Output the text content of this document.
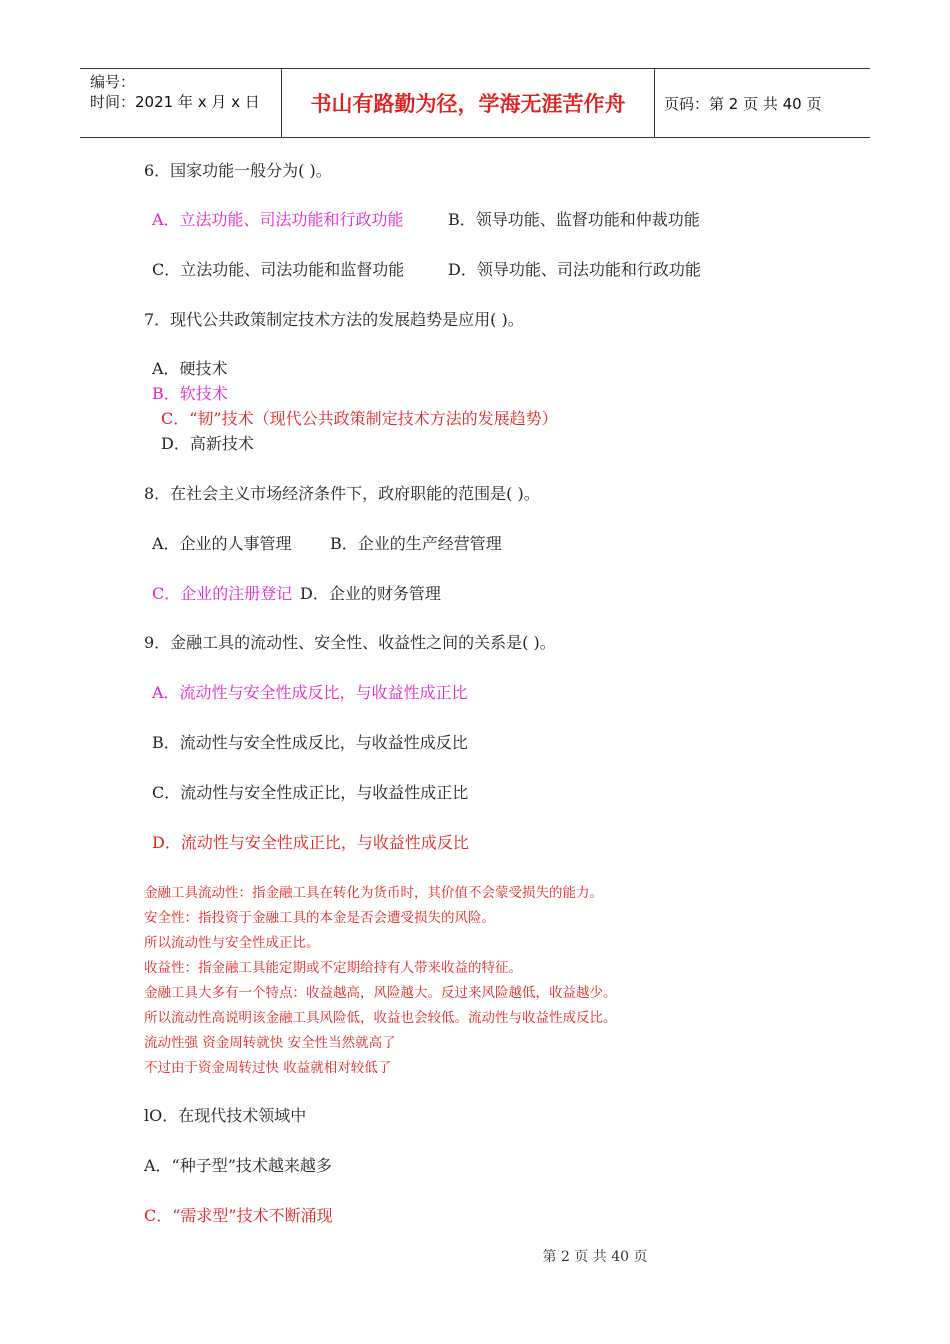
编号：
时间：2021 年 x 月 x 日 书山有路勤为径，学海无涯苦作舟	页码：第 2 页 共 40 页
6．国家功能一般分为( )。
A．立法功能、司法功能和行政功能	B．领导功能、监督功能和仲裁功能
C．立法功能、司法功能和监督功能	D．领导功能、司法功能和行政功能
7．现代公共政策制定技术方法的发展趋势是应用( )。
A．硬技术
B．软技术
C．“韧”技术（现代公共政策制定技术方法的发展趋势）
D．高新技术
8．在社会主义市场经济条件下，政府职能的范围是( )。
A．企业的人事管理 B．企业的生产经营管理
C．企业的注册登记 D．企业的财务管理
9．金融工具的流动性、安全性、收益性之间的关系是( )。
A．流动性与安全性成反比，与收益性成正比
B．流动性与安全性成反比，与收益性成反比
C．流动性与安全性成正比，与收益性成正比
D．流动性与安全性成正比，与收益性成反比
金融工具流动性：指金融工具在转化为货币时，其价值不会蒙受损失的能力。
安全性：指投资于金融工具的本金是否会遭受损失的风险。
所以流动性与安全性成正比。
收益性：指金融工具能定期或不定期给持有人带来收益的特征。
金融工具大多有一个特点：收益越高，风险越大。反过来风险越低，收益越少。
所以流动性高说明该金融工具风险低，收益也会较低。流动性与收益性成反比。
流动性强 资金周转就快 安全性当然就高了
不过由于资金周转过快 收益就相对较低了
lO．在现代技术领域中
A．“种子型”技术越来越多
C．“需求型”技术不断涌现
第 2 页 共 40 页
